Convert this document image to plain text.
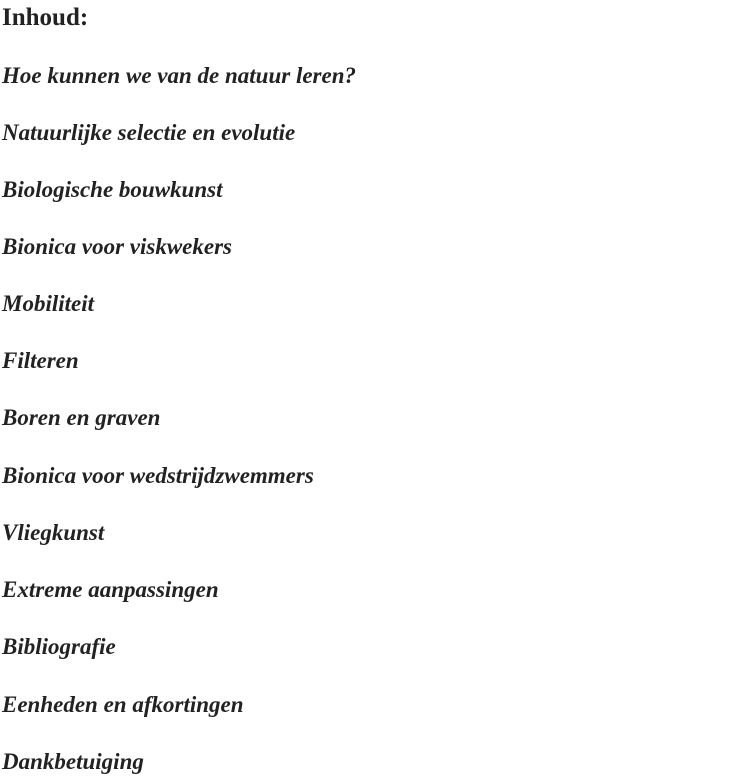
Inhoud:
Hoe kunnen we van de natuur leren?
Natuurlijke selectie en evolutie
Biologische bouwkunst
Bionica voor viskwekers
Mobiliteit
Filteren
Boren en graven
Bionica voor wedstrijdzwemmers
Vliegkunst
Extreme aanpassingen
Bibliografie
Eenheden en afkortingen
Dankbetuiging
